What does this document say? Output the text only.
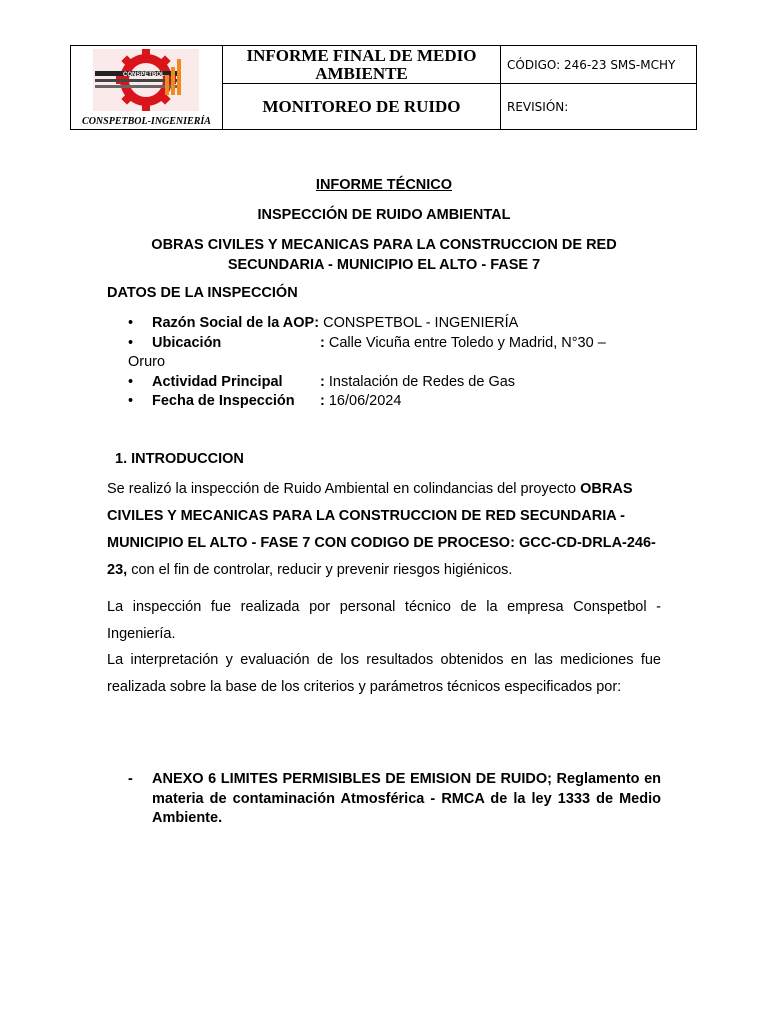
CONSPETBOL
CONSPETBOL-INGENIERÍA	INFORME FINAL DE MEDIO AMBIENTE	CÓDIGO: 246-23 SMS-MCHY
	MONITOREO DE RUIDO	REVISIÓN:
INFORME TÉCNICO
INSPECCIÓN DE RUIDO AMBIENTAL
OBRAS CIVILES Y MECANICAS PARA LA CONSTRUCCION DE RED
SECUNDARIA - MUNICIPIO EL ALTO - FASE 7
DATOS DE LA INSPECCIÓN
• Razón Social de la AOP: CONSPETBOL - INGENIERÍA
• Ubicación	: Calle Vicuña entre Toledo y Madrid, N°30 –
Oruro
• Actividad Principal	: Instalación de Redes de Gas
• Fecha de Inspección : 16/06/2024
1. INTRODUCCION
Se realizó la inspección de Ruido Ambiental en colindancias del proyecto OBRAS CIVILES Y MECANICAS PARA LA CONSTRUCCION DE RED SECUNDARIA - MUNICIPIO EL ALTO - FASE 7 CON CODIGO DE PROCESO: GCC-CD-DRLA-246-23, con el fin de controlar, reducir y prevenir riesgos higiénicos.
La inspección fue realizada por personal técnico de la empresa Conspetbol - Ingeniería.
La interpretación y evaluación de los resultados obtenidos en las mediciones fue realizada sobre la base de los criterios y parámetros técnicos especificados por:
- ANEXO 6 LIMITES PERMISIBLES DE EMISION DE RUIDO; Reglamento en materia de contaminación Atmosférica - RMCA de la ley 1333 de Medio Ambiente.
